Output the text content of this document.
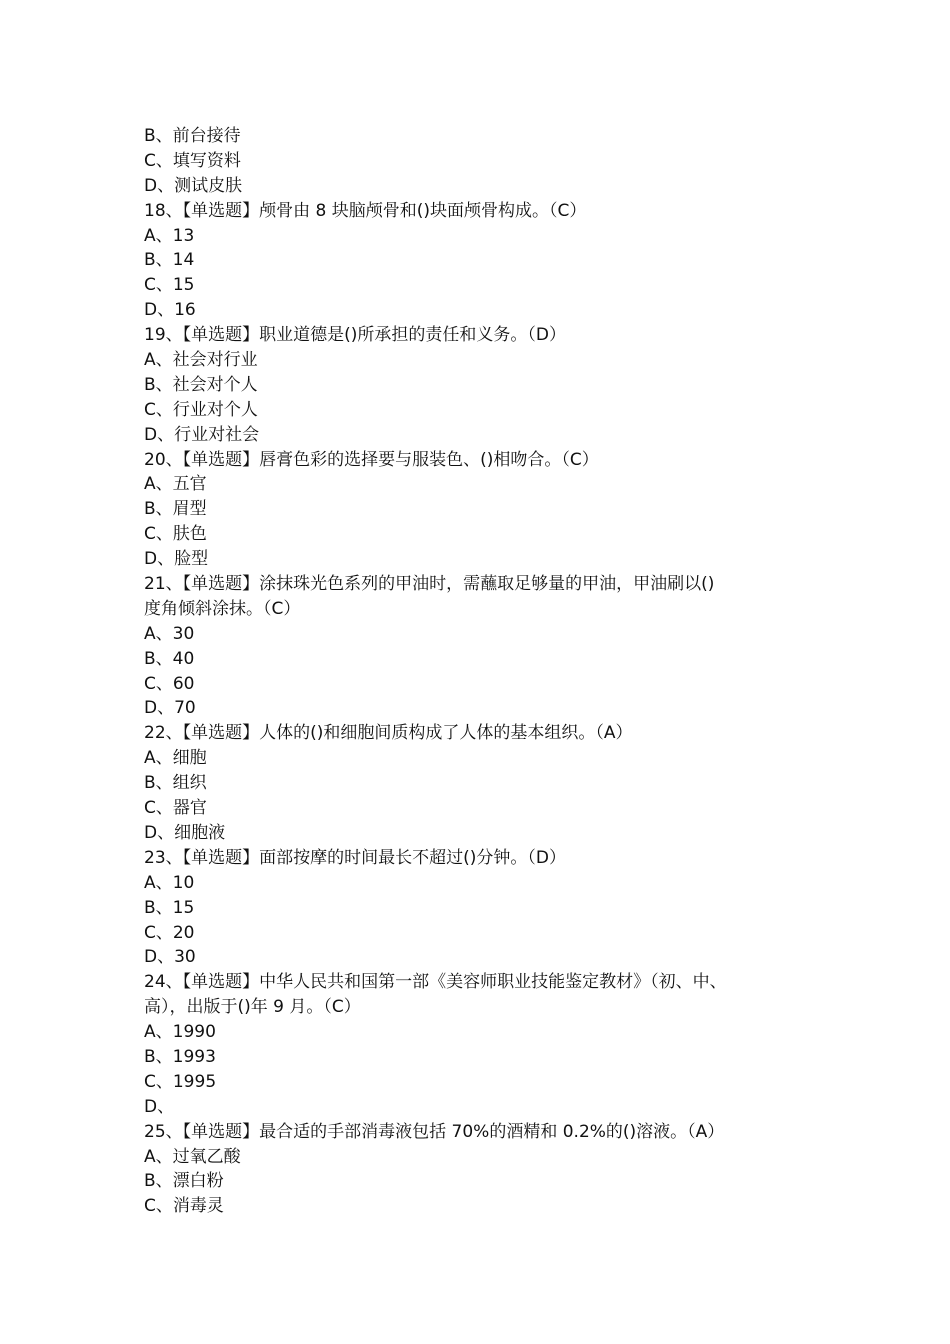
B、前台接待
C、填写资料
D、测试皮肤
18、【单选题】颅骨由 8 块脑颅骨和()块面颅骨构成。（C）
A、13
B、14
C、15
D、16
19、【单选题】职业道德是()所承担的责任和义务。（D）
A、社会对行业
B、社会对个人
C、行业对个人
D、行业对社会
20、【单选题】唇膏色彩的选择要与服装色、()相吻合。（C）
A、五官
B、眉型
C、肤色
D、脸型
21、【单选题】涂抹珠光色系列的甲油时，需蘸取足够量的甲油，甲油刷以()
度角倾斜涂抹。（C）
A、30
B、40
C、60
D、70
22、【单选题】人体的()和细胞间质构成了人体的基本组织。（A）
A、细胞
B、组织
C、器官
D、细胞液
23、【单选题】面部按摩的时间最长不超过()分钟。（D）
A、10
B、15
C、20
D、30
24、【单选题】中华人民共和国第一部《美容师职业技能鉴定教材》（初、中、
高），出版于()年 9 月。（C）
A、1990
B、1993
C、1995
D、
25、【单选题】最合适的手部消毒液包括 70%的酒精和 0.2%的()溶液。（A）
A、过氧乙酸
B、漂白粉
C、消毒灵
